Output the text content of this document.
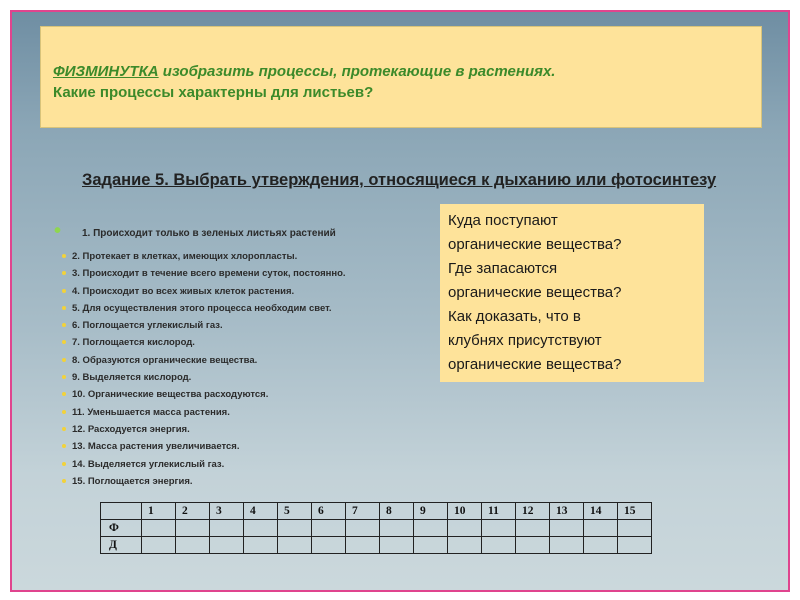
ФИЗМИНУТКА изобразить процессы, протекающие в растениях.
Какие процессы характерны для листьев?
Задание 5. Выбрать утверждения, относящиеся к дыханию или фотосинтезу
• 1. Происходит только в зеленых листьях растений
2. Протекает в клетках, имеющих хлоропласты.
3. Происходит в течение всего времени суток, постоянно.
4. Происходит во всех живых клеток растения.
5. Для осуществления этого процесса необходим свет.
6. Поглощается углекислый газ.
7. Поглощается кислород.
8. Образуются органические вещества.
9. Выделяется кислород.
10. Органические вещества расходуются.
11. Уменьшается масса растения.
12. Расходуется энергия.
13. Масса растения увеличивается.
14. Выделяется углекислый газ.
15. Поглощается энергия.
Куда поступают
органические вещества?
Где запасаются
органические вещества?
Как доказать, что в
клубнях присутствуют
органические вещества?
	1	2	3	4	5	6	7	8	9	10	11	12	13	14	15
Ф															
Д															
